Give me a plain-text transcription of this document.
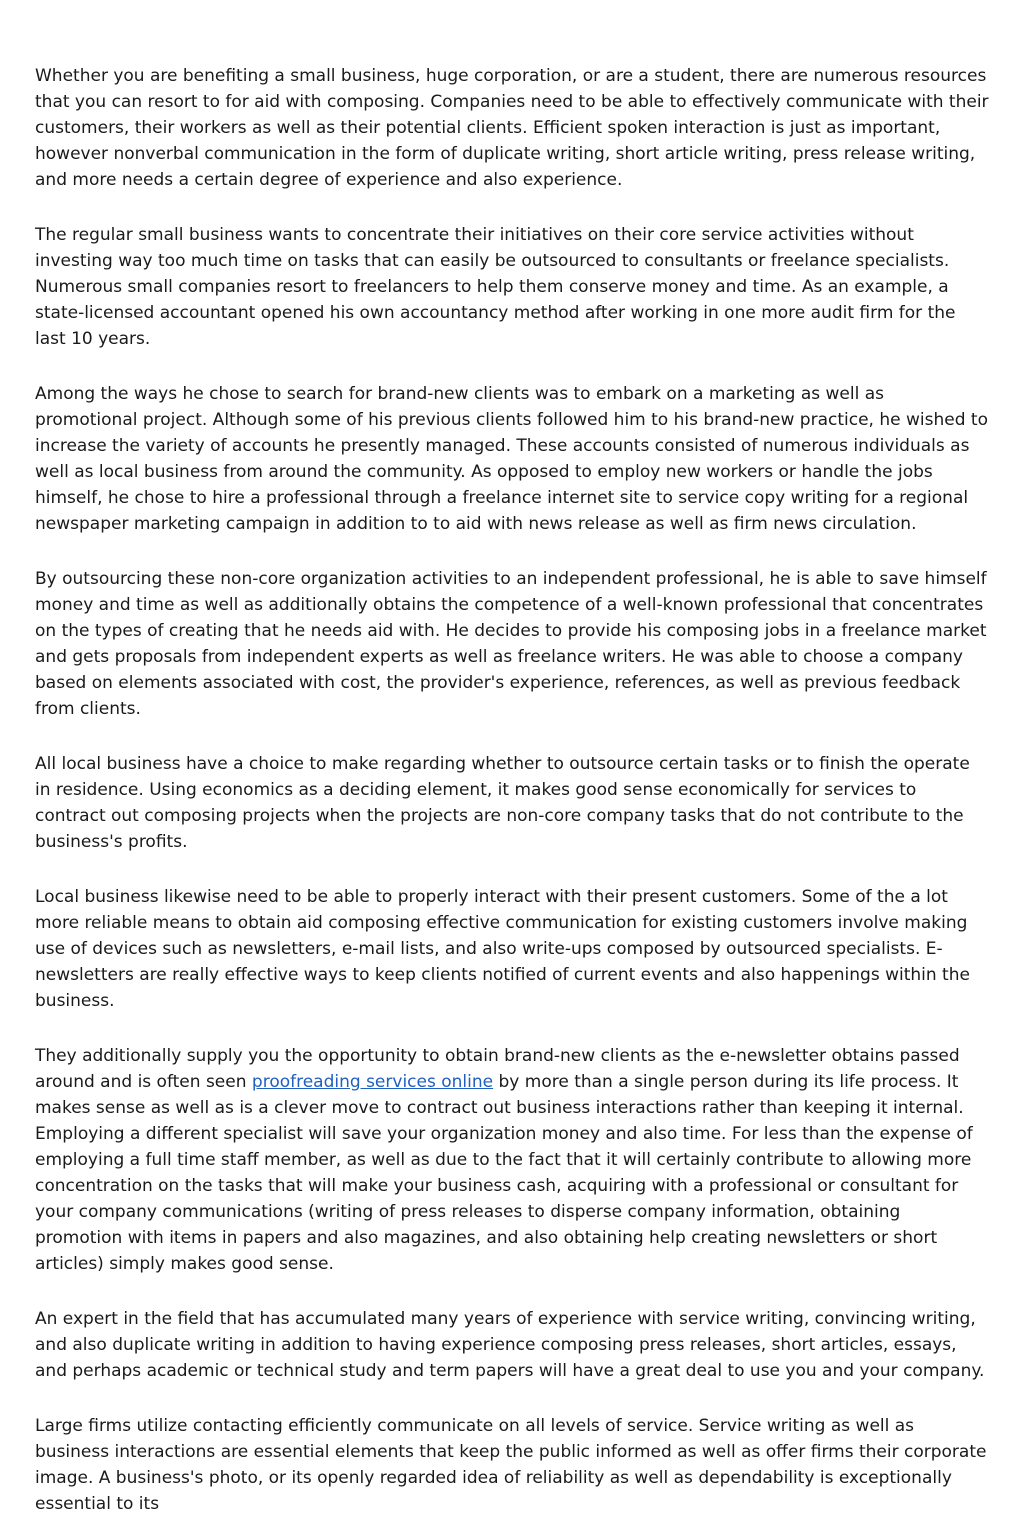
Whether you are benefiting a small business, huge corporation, or are a student, there are numerous resources that you can resort to for aid with composing. Companies need to be able to effectively communicate with their customers, their workers as well as their potential clients. Efficient spoken interaction is just as important, however nonverbal communication in the form of duplicate writing, short article writing, press release writing, and more needs a certain degree of experience and also experience.

The regular small business wants to concentrate their initiatives on their core service activities without investing way too much time on tasks that can easily be outsourced to consultants or freelance specialists. Numerous small companies resort to freelancers to help them conserve money and time. As an example, a state-licensed accountant opened his own accountancy method after working in one more audit firm for the last 10 years.

Among the ways he chose to search for brand-new clients was to embark on a marketing as well as promotional project. Although some of his previous clients followed him to his brand-new practice, he wished to increase the variety of accounts he presently managed. These accounts consisted of numerous individuals as well as local business from around the community. As opposed to employ new workers or handle the jobs himself, he chose to hire a professional through a freelance internet site to service copy writing for a regional newspaper marketing campaign in addition to to aid with news release as well as firm news circulation.

By outsourcing these non-core organization activities to an independent professional, he is able to save himself money and time as well as additionally obtains the competence of a well-known professional that concentrates on the types of creating that he needs aid with. He decides to provide his composing jobs in a freelance market and gets proposals from independent experts as well as freelance writers. He was able to choose a company based on elements associated with cost, the provider's experience, references, as well as previous feedback from clients.

All local business have a choice to make regarding whether to outsource certain tasks or to finish the operate in residence. Using economics as a deciding element, it makes good sense economically for services to contract out composing projects when the projects are non-core company tasks that do not contribute to the business's profits.

Local business likewise need to be able to properly interact with their present customers. Some of the a lot more reliable means to obtain aid composing effective communication for existing customers involve making use of devices such as newsletters, e-mail lists, and also write-ups composed by outsourced specialists. E-newsletters are really effective ways to keep clients notified of current events and also happenings within the business.

They additionally supply you the opportunity to obtain brand-new clients as the e-newsletter obtains passed around and is often seen proofreading services online by more than a single person during its life process. It makes sense as well as is a clever move to contract out business interactions rather than keeping it internal. Employing a different specialist will save your organization money and also time. For less than the expense of employing a full time staff member, as well as due to the fact that it will certainly contribute to allowing more concentration on the tasks that will make your business cash, acquiring with a professional or consultant for your company communications (writing of press releases to disperse company information, obtaining promotion with items in papers and also magazines, and also obtaining help creating newsletters or short articles) simply makes good sense.

An expert in the field that has accumulated many years of experience with service writing, convincing writing, and also duplicate writing in addition to having experience composing press releases, short articles, essays, and perhaps academic or technical study and term papers will have a great deal to use you and your company.

Large firms utilize contacting efficiently communicate on all levels of service. Service writing as well as business interactions are essential elements that keep the public informed as well as offer firms their corporate image. A business's photo, or its openly regarded idea of reliability as well as dependability is exceptionally essential to its
